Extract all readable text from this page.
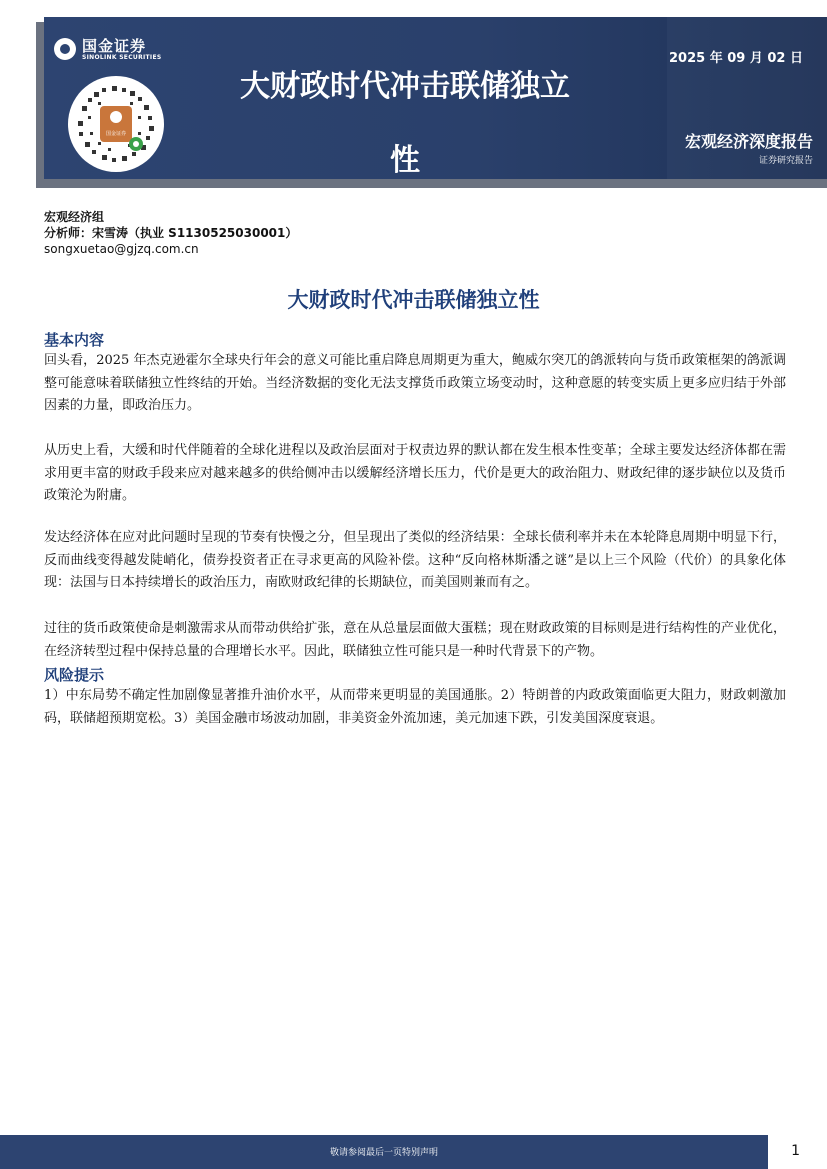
国金证券
SINOLINK SECURITIES
国金证券
大财政时代冲击联储独立
性
2025 年 09 月 02 日
宏观经济深度报告
证券研究报告
宏观经济组
分析师：宋雪涛（执业 S1130525030001）
songxuetao@gjzq.com.cn
大财政时代冲击联储独立性
基本内容
回头看，2025 年杰克逊霍尔全球央行年会的意义可能比重启降息周期更为重大，鲍威尔突兀的鸽派转向与货币政策框架的鸽派调整可能意味着联储独立性终结的开始。当经济数据的变化无法支撑货币政策立场变动时，这种意愿的转变实质上更多应归结于外部因素的力量，即政治压力。
从历史上看，大缓和时代伴随着的全球化进程以及政治层面对于权责边界的默认都在发生根本性变革；全球主要发达经济体都在需求用更丰富的财政手段来应对越来越多的供给侧冲击以缓解经济增长压力，代价是更大的政治阻力、财政纪律的逐步缺位以及货币政策沦为附庸。
发达经济体在应对此问题时呈现的节奏有快慢之分，但呈现出了类似的经济结果：全球长债利率并未在本轮降息周期中明显下行，反而曲线变得越发陡峭化，债券投资者正在寻求更高的风险补偿。这种“反向格林斯潘之谜”是以上三个风险（代价）的具象化体现：法国与日本持续增长的政治压力，南欧财政纪律的长期缺位，而美国则兼而有之。
过往的货币政策使命是刺激需求从而带动供给扩张，意在从总量层面做大蛋糕；现在财政政策的目标则是进行结构性的产业优化，在经济转型过程中保持总量的合理增长水平。因此，联储独立性可能只是一种时代背景下的产物。
风险提示
1）中东局势不确定性加剧像显著推升油价水平，从而带来更明显的美国通胀。2）特朗普的内政政策面临更大阻力，财政刺激加码，联储超预期宽松。3）美国金融市场波动加剧，非美资金外流加速，美元加速下跌，引发美国深度衰退。
敬请参阅最后一页特别声明	1
